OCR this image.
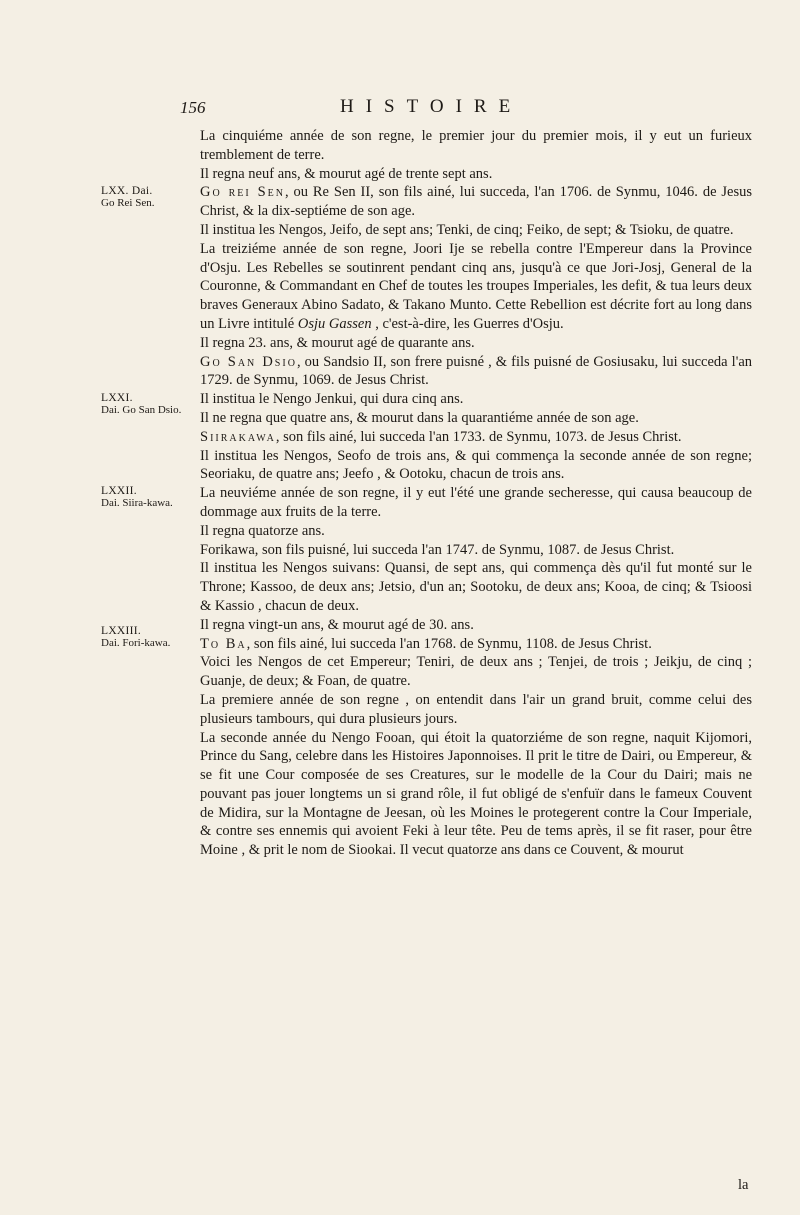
156	HISTOIRE
LXX. Dai.
Go Rei Sen.
LXXI.
Dai. Go San Dsio.
LXXII.
Dai. Siira-kawa.
LXXIII.
Dai. Fori-kawa.

La cinquiéme année de son regne, le premier jour du premier mois, il y eut un furieux tremblement de terre.

Il regna neuf ans, & mourut agé de trente sept ans.

Go rei Sen, ou Re Sen II, son fils ainé, lui succeda, l'an 1706. de Synmu, 1046. de Jesus Christ, & la dix-septiéme de son age.

Il institua les Nengos, Jeifo, de sept ans; Tenki, de cinq; Feiko, de sept; & Tsioku, de quatre.

La treiziéme année de son regne, Joori Ije se rebella contre l'Empereur dans la Province d'Osju. Les Rebelles se soutinrent pendant cinq ans, jusqu'à ce que Jori-Josj, General de la Couronne, & Commandant en Chef de toutes les troupes Imperiales, les defit, & tua leurs deux braves Generaux Abino Sadato, & Takano Munto. Cette Rebellion est décrite fort au long dans un Livre intitulé Osju Gassen , c'est-à-dire, les Guerres d'Osju.

Il regna 23. ans, & mourut agé de quarante ans.

Go San Dsio, ou Sandsio II, son frere puisné , & fils puisné de Gosiusaku, lui succeda l'an 1729. de Synmu, 1069. de Jesus Christ.

Il institua le Nengo Jenkui, qui dura cinq ans.

Il ne regna que quatre ans, & mourut dans la quarantiéme année de son age.

Siirakawa, son fils ainé, lui succeda l'an 1733. de Synmu, 1073. de Jesus Christ.

Il institua les Nengos, Seofo de trois ans, & qui commença la seconde année de son regne; Seoriaku, de quatre ans; Jeefo , & Ootoku, chacun de trois ans.

La neuviéme année de son regne, il y eut l'été une grande secheresse, qui causa beaucoup de dommage aux fruits de la terre.

Il regna quatorze ans.

Forikawa, son fils puisné, lui succeda l'an 1747. de Synmu, 1087. de Jesus Christ.

Il institua les Nengos suivans: Quansi, de sept ans, qui commença dès qu'il fut monté sur le Throne; Kassoo, de deux ans; Jetsio, d'un an; Sootoku, de deux ans; Kooa, de cinq; & Tsioosi & Kassio , chacun de deux.

Il regna vingt-un ans, & mourut agé de 30. ans.

To Ba, son fils ainé, lui succeda l'an 1768. de Synmu, 1108. de Jesus Christ.

Voici les Nengos de cet Empereur; Teniri, de deux ans ; Tenjei, de trois ; Jeikju, de cinq ; Guanje, de deux; & Foan, de quatre.

La premiere année de son regne , on entendit dans l'air un grand bruit, comme celui des plusieurs tambours, qui dura plusieurs jours.

La seconde année du Nengo Fooan, qui étoit la quatorziéme de son regne, naquit Kijomori, Prince du Sang, celebre dans les Histoires Japonnoises. Il prit le titre de Dairi, ou Empereur, & se fit une Cour composée de ses Creatures, sur le modelle de la Cour du Dairi; mais ne pouvant pas jouer longtems un si grand rôle, il fut obligé de s'enfuïr dans le fameux Couvent de Midira, sur la Montagne de Jeesan, où les Moines le protegerent contre la Cour Imperiale, & contre ses ennemis qui avoient Feki à leur tête. Peu de tems après, il se fit raser, pour être Moine , & prit le nom de Siookai. Il vecut quatorze ans dans ce Couvent, & mourut

la
